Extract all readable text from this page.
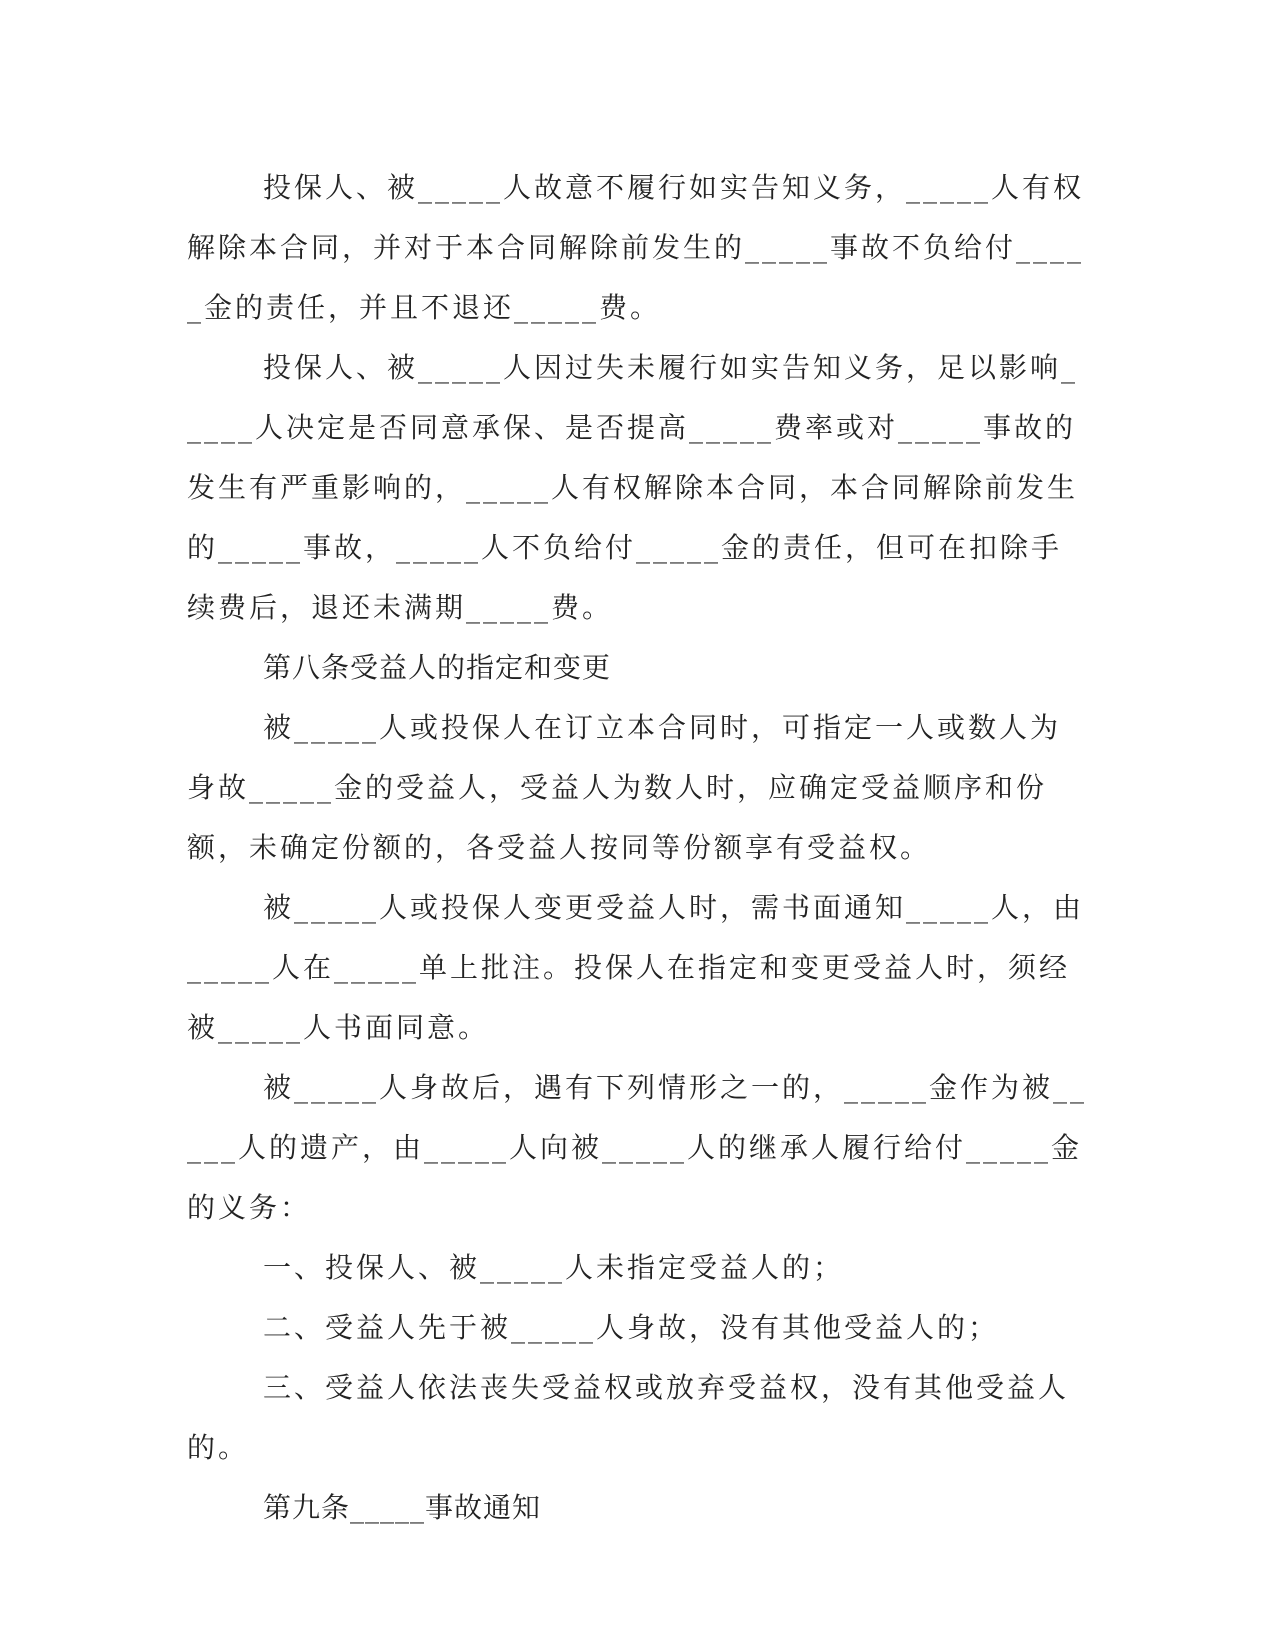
投保人、被_____人故意不履行如实告知义务，_____人有权解除本合同，并对于本合同解除前发生的_____事故不负给付_____金的责任，并且不退还_____费。

投保人、被_____人因过失未履行如实告知义务，足以影响_____人决定是否同意承保、是否提高_____费率或对_____事故的发生有严重影响的，_____人有权解除本合同，本合同解除前发生的_____事故，_____人不负给付_____金的责任，但可在扣除手续费后，退还未满期_____费。

第八条受益人的指定和变更

被_____人或投保人在订立本合同时，可指定一人或数人为身故_____金的受益人，受益人为数人时，应确定受益顺序和份额，未确定份额的，各受益人按同等份额享有受益权。

被_____人或投保人变更受益人时，需书面通知_____人，由_____人在_____单上批注。投保人在指定和变更受益人时，须经被_____人书面同意。

被_____人身故后，遇有下列情形之一的，_____金作为被_____人的遗产，由_____人向被_____人的继承人履行给付_____金的义务：

一、投保人、被_____人未指定受益人的；

二、受益人先于被_____人身故，没有其他受益人的；

三、受益人依法丧失受益权或放弃受益权，没有其他受益人的。

第九条_____事故通知
